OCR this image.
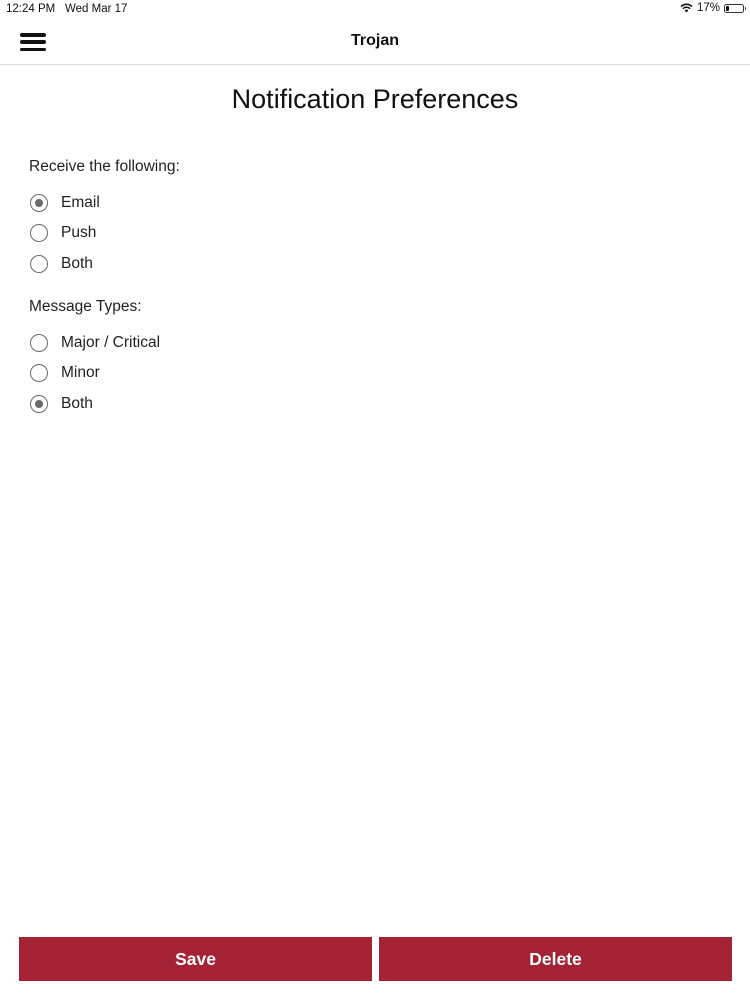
12:24 PM Wed Mar 17	17%
Trojan
Notification Preferences
Receive the following:
Email
Push
Both
Message Types:
Major / Critical
Minor
Both
Save	Delete
